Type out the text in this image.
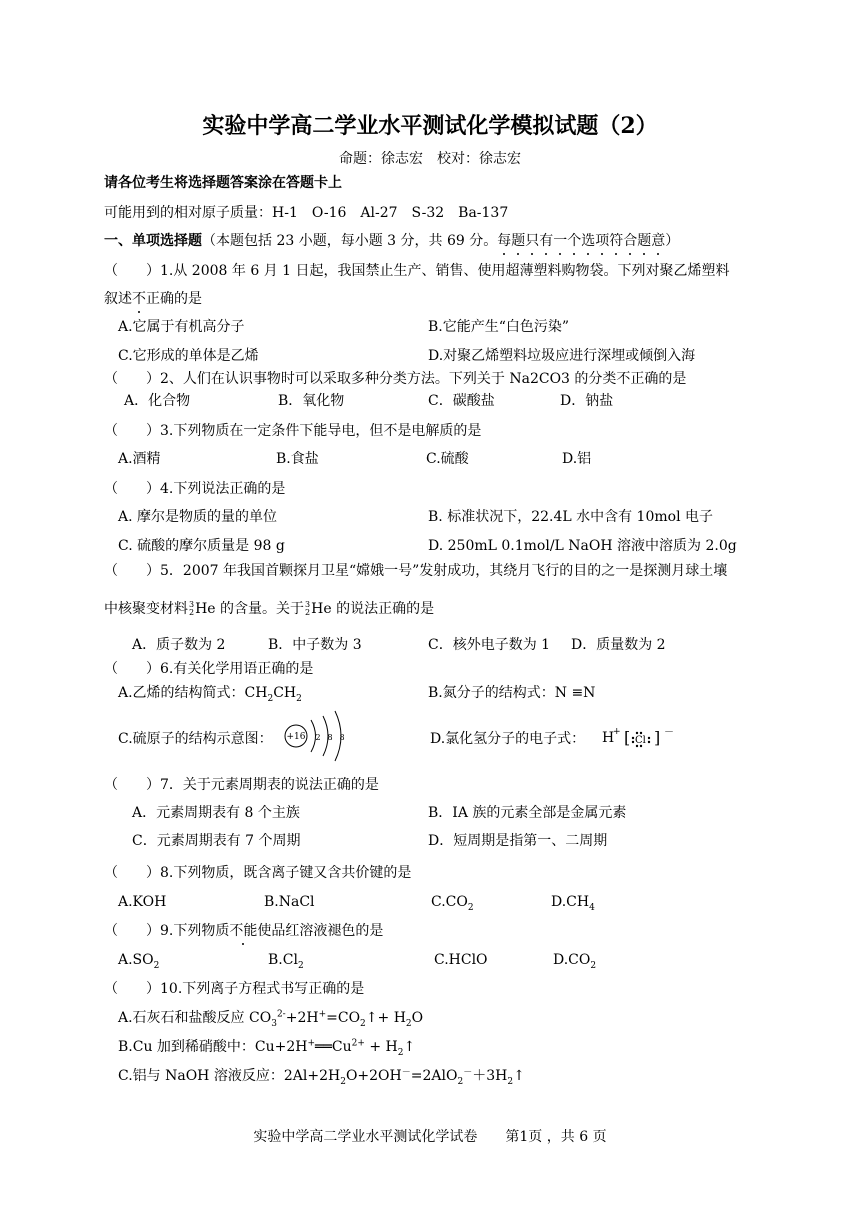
实验中学高二学业水平测试化学模拟试题（2）
命题：徐志宏　校对：徐志宏
请各位考生将选择题答案涂在答题卡上
可能用到的相对原子质量：H-1　O-16　Al-27　S-32　Ba-137
一、单项选择题（本题包括 23 小题，每小题 3 分，共 69 分。每题只有一个选项符合题意）
（　　）1.从 2008 年 6 月 1 日起，我国禁止生产、销售、使用超薄塑料购物袋。下列对聚乙烯塑料
叙述不正确的是
A.它属于有机高分子	B.它能产生“白色污染”
C.它形成的单体是乙烯	D.对聚乙烯塑料垃圾应进行深埋或倾倒入海
（　　）2、人们在认识事物时可以采取多种分类方法。下列关于 Na2CO3 的分类不正确的是
A．化合物	B．氧化物	C．碳酸盐	D．钠盐
（　　）3.下列物质在一定条件下能导电，但不是电解质的是
A.酒精	B.食盐	C.硫酸	D.铝
（　　）4.下列说法正确的是
A. 摩尔是物质的量的单位	B. 标准状况下，22.4L 水中含有 10mol 电子
C. 硫酸的摩尔质量是 98 g	D. 250mL 0.1mol/L NaOH 溶液中溶质为 2.0g
（　　）5．2007 年我国首颗探月卫星“嫦娥一号”发射成功，其绕月飞行的目的之一是探测月球土壤
中核聚变材料 3
2 He 的含量。关于 3
2 He 的说法正确的是
A．质子数为 2	B．中子数为 3	C．核外电子数为 1 D．质量数为 2
（　　）6.有关化学用语正确的是
A.乙烯的结构简式：$CH_2CH_2$	B.氮分子的结构式：N ≡N
C.硫原子的结构示意图： +16 2 8 8	D.氯化氢分子的电子式： H
+ [ Cl ] －
（　　）7．关于元素周期表的说法正确的是
A．元素周期表有 8 个主族	B．ⅠA 族的元素全部是金属元素
C．元素周期表有 7 个周期	D．短周期是指第一、二周期
（　　）8.下列物质，既含离子键又含共价键的是
A.KOH	B.NaCl	$C.CO_2$	$D.CH_4$
（　　）9.下列物质不能使品红溶液褪色的是
$A.SO_2$	$B.Cl_2$	C.HClO	$D.CO_2$
（　　）10.下列离子方程式书写正确的是
A.石灰石和盐酸反应 $CO_3^{2-}+2H^+=CO_2↑+ H_2O$
B.Cu 加到稀硝酸中：$Cu+2H^+══Cu^{2+}$ + $H_2↑$
C.铝与 NaOH 溶液反应：$2Al+2H_2O+2OH^-=2AlO_2^-+3H_2↑$
实验中学高二学业水平测试化学试卷　　第1页 ，共 6 页
